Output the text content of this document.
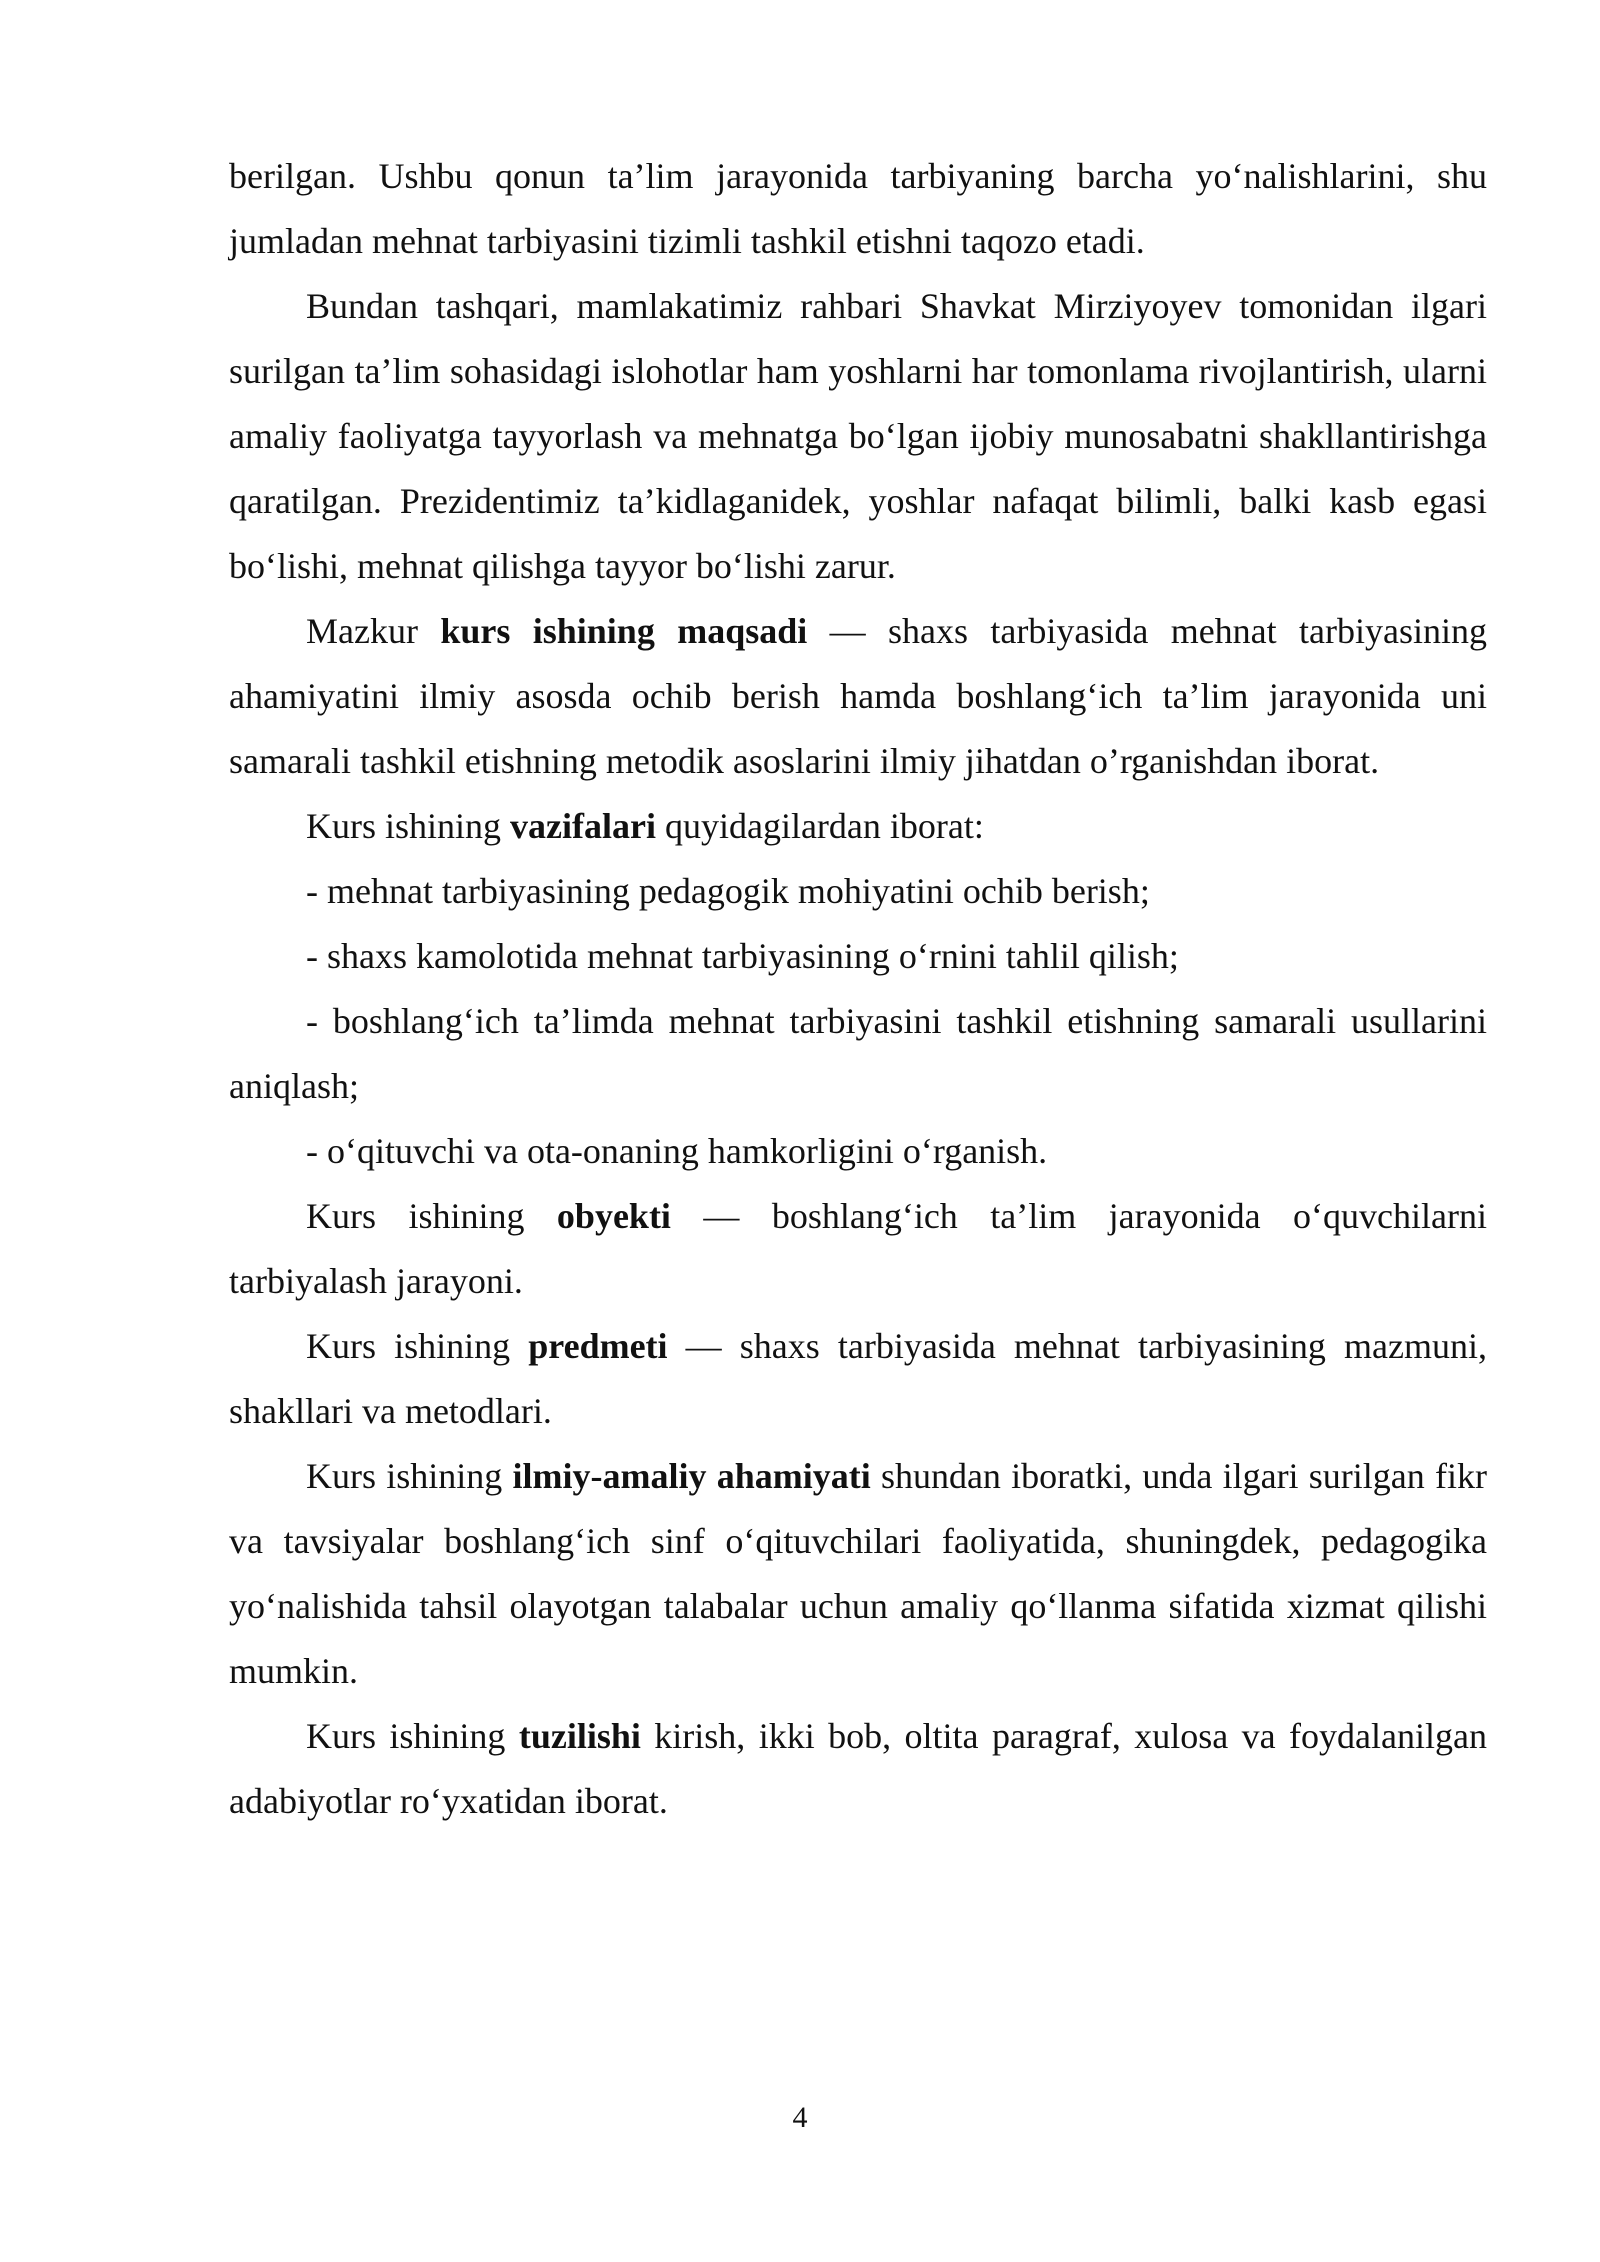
berilgan. Ushbu qonun ta’lim jarayonida tarbiyaning barcha yo‘nalishlarini, shu jumladan mehnat tarbiyasini tizimli tashkil etishni taqozo etadi.

Bundan tashqari, mamlakatimiz rahbari Shavkat Mirziyoyev tomonidan ilgari surilgan ta’lim sohasidagi islohotlar ham yoshlarni har tomonlama rivojlantirish, ularni amaliy faoliyatga tayyorlash va mehnatga bo‘lgan ijobiy munosabatni shakllantirishga qaratilgan. Prezidentimiz ta’kidlaganidek, yoshlar nafaqat bilimli, balki kasb egasi bo‘lishi, mehnat qilishga tayyor bo‘lishi zarur.

Mazkur kurs ishining maqsadi — shaxs tarbiyasida mehnat tarbiyasining ahamiyatini ilmiy asosda ochib berish hamda boshlang‘ich ta’lim jarayonida uni samarali tashkil etishning metodik asoslarini ilmiy jihatdan o’rganishdan iborat.

Kurs ishining vazifalari quyidagilardan iborat:

- mehnat tarbiyasining pedagogik mohiyatini ochib berish;

- shaxs kamolotida mehnat tarbiyasining o‘rnini tahlil qilish;

- boshlang‘ich ta’limda mehnat tarbiyasini tashkil etishning samarali usullarini aniqlash;

- o‘qituvchi va ota-onaning hamkorligini o‘rganish.

Kurs ishining obyekti — boshlang‘ich ta’lim jarayonida o‘quvchilarni tarbiyalash jarayoni.

Kurs ishining predmeti — shaxs tarbiyasida mehnat tarbiyasining mazmuni, shakllari va metodlari.

Kurs ishining ilmiy-amaliy ahamiyati shundan iboratki, unda ilgari surilgan fikr va tavsiyalar boshlang‘ich sinf o‘qituvchilari faoliyatida, shuningdek, pedagogika yo‘nalishida tahsil olayotgan talabalar uchun amaliy qo‘llanma sifatida xizmat qilishi mumkin.

Kurs ishining tuzilishi kirish, ikki bob, oltita paragraf, xulosa va foydalanilgan adabiyotlar ro‘yxatidan iborat.

4
